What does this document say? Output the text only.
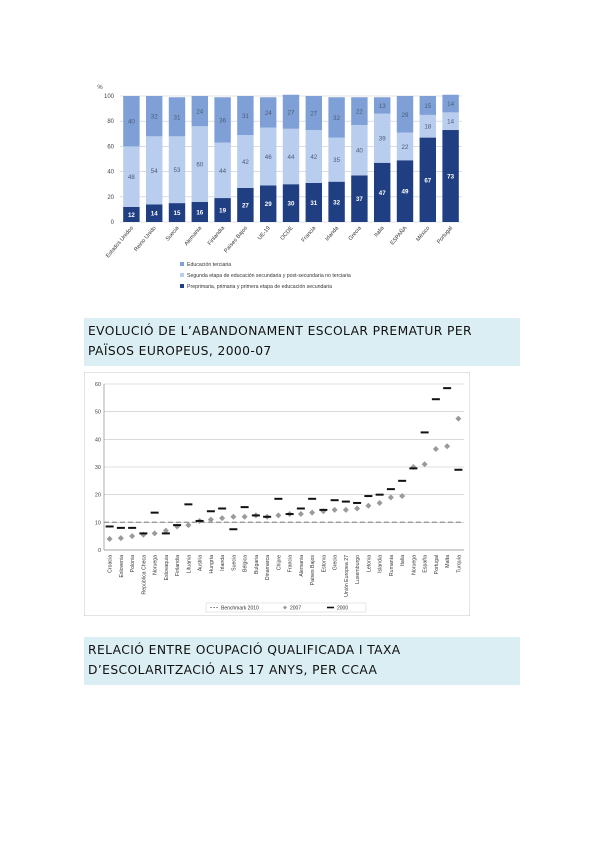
0
20
40
60
80
100
%
12
48
40
14
54
32
15
53
31
16
60
24
19
44
36
27
42
31
29
46
24
30
44
27
31
42
27
32
35
32
37
40
22
47
39
13
49
22
29
67
18
15
73
14
14
Estados Unidos
Reino Unido Suecia Alemania Finlandia
Países Bajos UE-19 OCDE Francia Irlanda Grecia Italia ESPAÑA México Portugal
Educación terciaria
Segunda etapa de educación secundaria y post-secundaria no terciaria
Preprimaria, primaria y primera etapa de educación secundaria
EVOLUCIÓ DE L’ABANDONAMENT ESCOLAR PREMATUR PER PAÏSOS EUROPEUS, 2000-07
0
10
20
30
40
50
60
Croacia Eslovenia Polonia República Checa Noruega Eslovaquia Finlandia Lituania Austria Hungría Irlanda Suecia Bélgica Bulgaria Dinamarca Chipre Francia Alemania Países Bajos Estonia Grecia Unión Europea 27 Luxemburgo Letonia Islandia Rumanía Italia Noruega España Portugal Malta Turquía
Benchmark 2010	2007	2000
RELACIÓ ENTRE OCUPACIÓ QUALIFICADA I TAXA D’ESCOLARITZACIÓ ALS 17 ANYS, PER CCAA
